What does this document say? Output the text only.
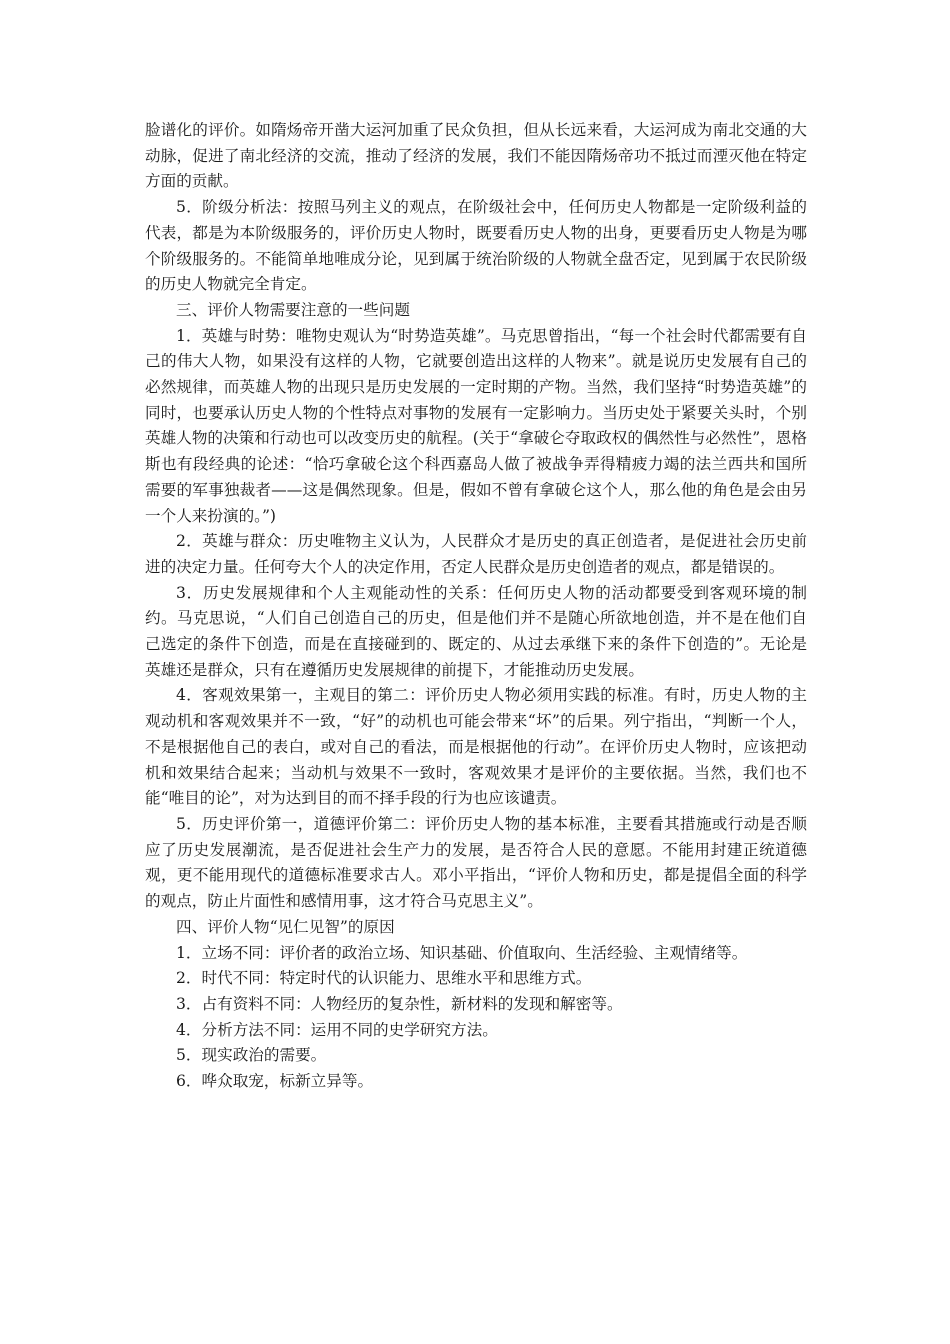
脸谱化的评价。如隋炀帝开凿大运河加重了民众负担，但从长远来看，大运河成为南北交通的大动脉，促进了南北经济的交流，推动了经济的发展，我们不能因隋炀帝功不抵过而湮灭他在特定方面的贡献。

5．阶级分析法：按照马列主义的观点，在阶级社会中，任何历史人物都是一定阶级利益的代表，都是为本阶级服务的，评价历史人物时，既要看历史人物的出身，更要看历史人物是为哪个阶级服务的。不能简单地唯成分论，见到属于统治阶级的人物就全盘否定，见到属于农民阶级的历史人物就完全肯定。

三、评价人物需要注意的一些问题

1．英雄与时势：唯物史观认为“时势造英雄”。马克思曾指出，“每一个社会时代都需要有自己的伟大人物，如果没有这样的人物，它就要创造出这样的人物来”。就是说历史发展有自己的必然规律，而英雄人物的出现只是历史发展的一定时期的产物。当然，我们坚持“时势造英雄”的同时，也要承认历史人物的个性特点对事物的发展有一定影响力。当历史处于紧要关头时，个别英雄人物的决策和行动也可以改变历史的航程。(关于“拿破仑夺取政权的偶然性与必然性”，恩格斯也有段经典的论述：“恰巧拿破仑这个科西嘉岛人做了被战争弄得精疲力竭的法兰西共和国所需要的军事独裁者——这是偶然现象。但是，假如不曾有拿破仑这个人，那么他的角色是会由另一个人来扮演的。”)

2．英雄与群众：历史唯物主义认为，人民群众才是历史的真正创造者，是促进社会历史前进的决定力量。任何夸大个人的决定作用，否定人民群众是历史创造者的观点，都是错误的。

3．历史发展规律和个人主观能动性的关系：任何历史人物的活动都要受到客观环境的制约。马克思说，“人们自己创造自己的历史，但是他们并不是随心所欲地创造，并不是在他们自己选定的条件下创造，而是在直接碰到的、既定的、从过去承继下来的条件下创造的”。无论是英雄还是群众，只有在遵循历史发展规律的前提下，才能推动历史发展。

4．客观效果第一，主观目的第二：评价历史人物必须用实践的标准。有时，历史人物的主观动机和客观效果并不一致，“好”的动机也可能会带来“坏”的后果。列宁指出，“判断一个人，不是根据他自己的表白，或对自己的看法，而是根据他的行动”。在评价历史人物时，应该把动机和效果结合起来；当动机与效果不一致时，客观效果才是评价的主要依据。当然，我们也不能“唯目的论”，对为达到目的而不择手段的行为也应该谴责。

5．历史评价第一，道德评价第二：评价历史人物的基本标准，主要看其措施或行动是否顺应了历史发展潮流，是否促进社会生产力的发展，是否符合人民的意愿。不能用封建正统道德观，更不能用现代的道德标准要求古人。邓小平指出，“评价人物和历史，都是提倡全面的科学的观点，防止片面性和感情用事，这才符合马克思主义”。

四、评价人物“见仁见智”的原因

1．立场不同：评价者的政治立场、知识基础、价值取向、生活经验、主观情绪等。

2．时代不同：特定时代的认识能力、思维水平和思维方式。

3．占有资料不同：人物经历的复杂性，新材料的发现和解密等。

4．分析方法不同：运用不同的史学研究方法。

5．现实政治的需要。

6．哗众取宠，标新立异等。
